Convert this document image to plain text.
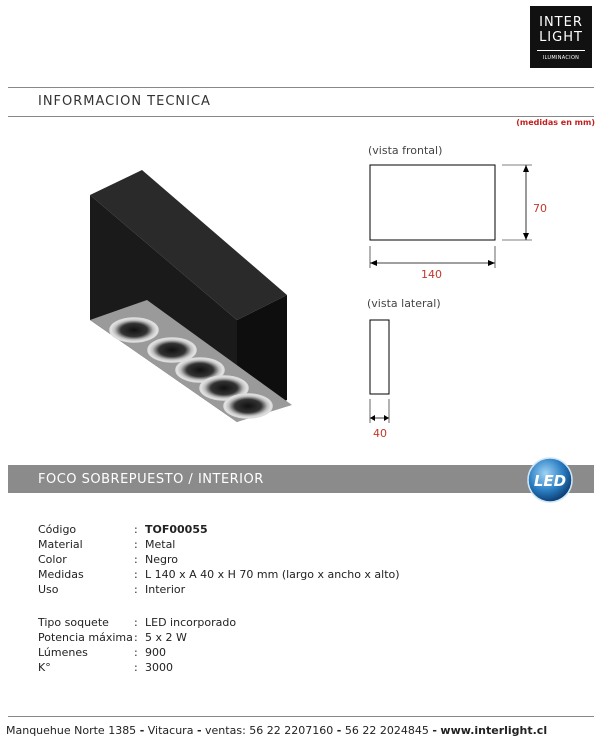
INTER
LIGHT
ILUMINACION
INFORMACION TECNICA
(medidas en mm)
(vista frontal)
70
140
(vista lateral)
40
FOCO SOBREPUESTO / INTERIOR	LED
Código	: TOF00055
Material	: Metal
Color	: Negro
Medidas	: L 140 x A 40 x H 70 mm (largo x ancho x alto)
Uso	: Interior
Tipo soquete	: LED incorporado
Potencia máxima : 5 x 2 W
Lúmenes	: 900
K°	: 3000
Manquehue Norte 1385 - Vitacura - ventas: 56 22 2207160 - 56 22 2024845 - www.interlight.cl
